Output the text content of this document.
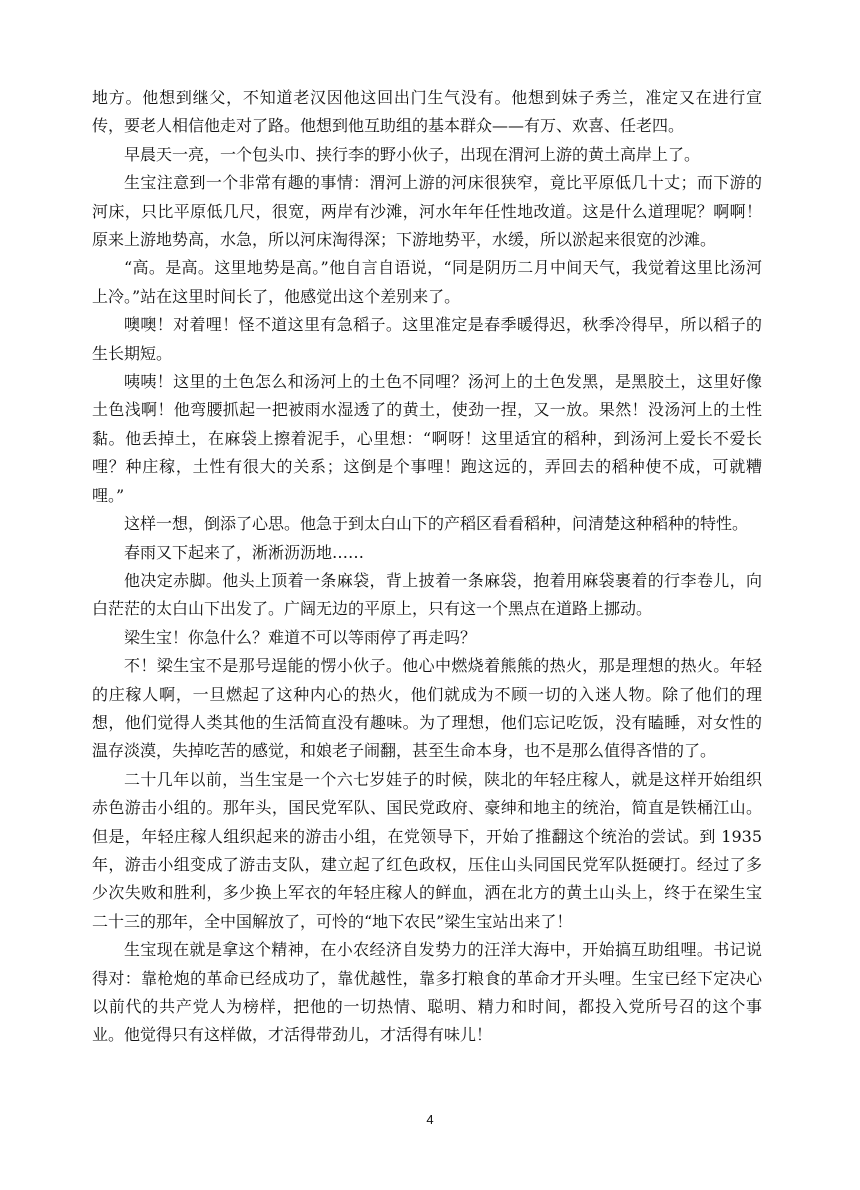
地方。他想到继父，不知道老汉因他这回出门生气没有。他想到妹子秀兰，准定又在进行宣传，要老人相信他走对了路。他想到他互助组的基本群众——有万、欢喜、任老四。

早晨天一亮，一个包头巾、挟行李的野小伙子，出现在渭河上游的黄土高岸上了。

生宝注意到一个非常有趣的事情：渭河上游的河床很狭窄，竟比平原低几十丈；而下游的河床，只比平原低几尺，很宽，两岸有沙滩，河水年年任性地改道。这是什么道理呢？啊啊！原来上游地势高，水急，所以河床淘得深；下游地势平，水缓，所以淤起来很宽的沙滩。

“高。是高。这里地势是高。”他自言自语说，“同是阴历二月中间天气，我觉着这里比汤河上冷。”站在这里时间长了，他感觉出这个差别来了。

噢噢！对着哩！怪不道这里有急稻子。这里准定是春季暖得迟，秋季冷得早，所以稻子的生长期短。

咦咦！这里的土色怎么和汤河上的土色不同哩？汤河上的土色发黑，是黑胶土，这里好像土色浅啊！他弯腰抓起一把被雨水湿透了的黄土，使劲一捏，又一放。果然！没汤河上的土性黏。他丢掉土，在麻袋上擦着泥手，心里想：“啊呀！这里适宜的稻种，到汤河上爱长不爱长哩？种庄稼，土性有很大的关系；这倒是个事哩！跑这远的，弄回去的稻种使不成，可就糟哩。”

这样一想，倒添了心思。他急于到太白山下的产稻区看看稻种，问清楚这种稻种的特性。

春雨又下起来了，淅淅沥沥地……

他决定赤脚。他头上顶着一条麻袋，背上披着一条麻袋，抱着用麻袋裹着的行李卷儿，向白茫茫的太白山下出发了。广阔无边的平原上，只有这一个黑点在道路上挪动。

梁生宝！你急什么？难道不可以等雨停了再走吗？

不！梁生宝不是那号逞能的愣小伙子。他心中燃烧着熊熊的热火，那是理想的热火。年轻的庄稼人啊，一旦燃起了这种内心的热火，他们就成为不顾一切的入迷人物。除了他们的理想，他们觉得人类其他的生活简直没有趣味。为了理想，他们忘记吃饭，没有瞌睡，对女性的温存淡漠，失掉吃苦的感觉，和娘老子闹翻，甚至生命本身，也不是那么值得吝惜的了。

二十几年以前，当生宝是一个六七岁娃子的时候，陕北的年轻庄稼人，就是这样开始组织赤色游击小组的。那年头，国民党军队、国民党政府、豪绅和地主的统治，简直是铁桶江山。但是，年轻庄稼人组织起来的游击小组，在党领导下，开始了推翻这个统治的尝试。到 1935 年，游击小组变成了游击支队，建立起了红色政权，压住山头同国民党军队挺硬打。经过了多少次失败和胜利，多少换上军衣的年轻庄稼人的鲜血，洒在北方的黄土山头上，终于在梁生宝二十三的那年，全中国解放了，可怜的“地下农民”梁生宝站出来了！

生宝现在就是拿这个精神，在小农经济自发势力的汪洋大海中，开始搞互助组哩。书记说得对：靠枪炮的革命已经成功了，靠优越性，靠多打粮食的革命才开头哩。生宝已经下定决心以前代的共产党人为榜样，把他的一切热情、聪明、精力和时间，都投入党所号召的这个事业。他觉得只有这样做，才活得带劲儿，才活得有味儿！

4
